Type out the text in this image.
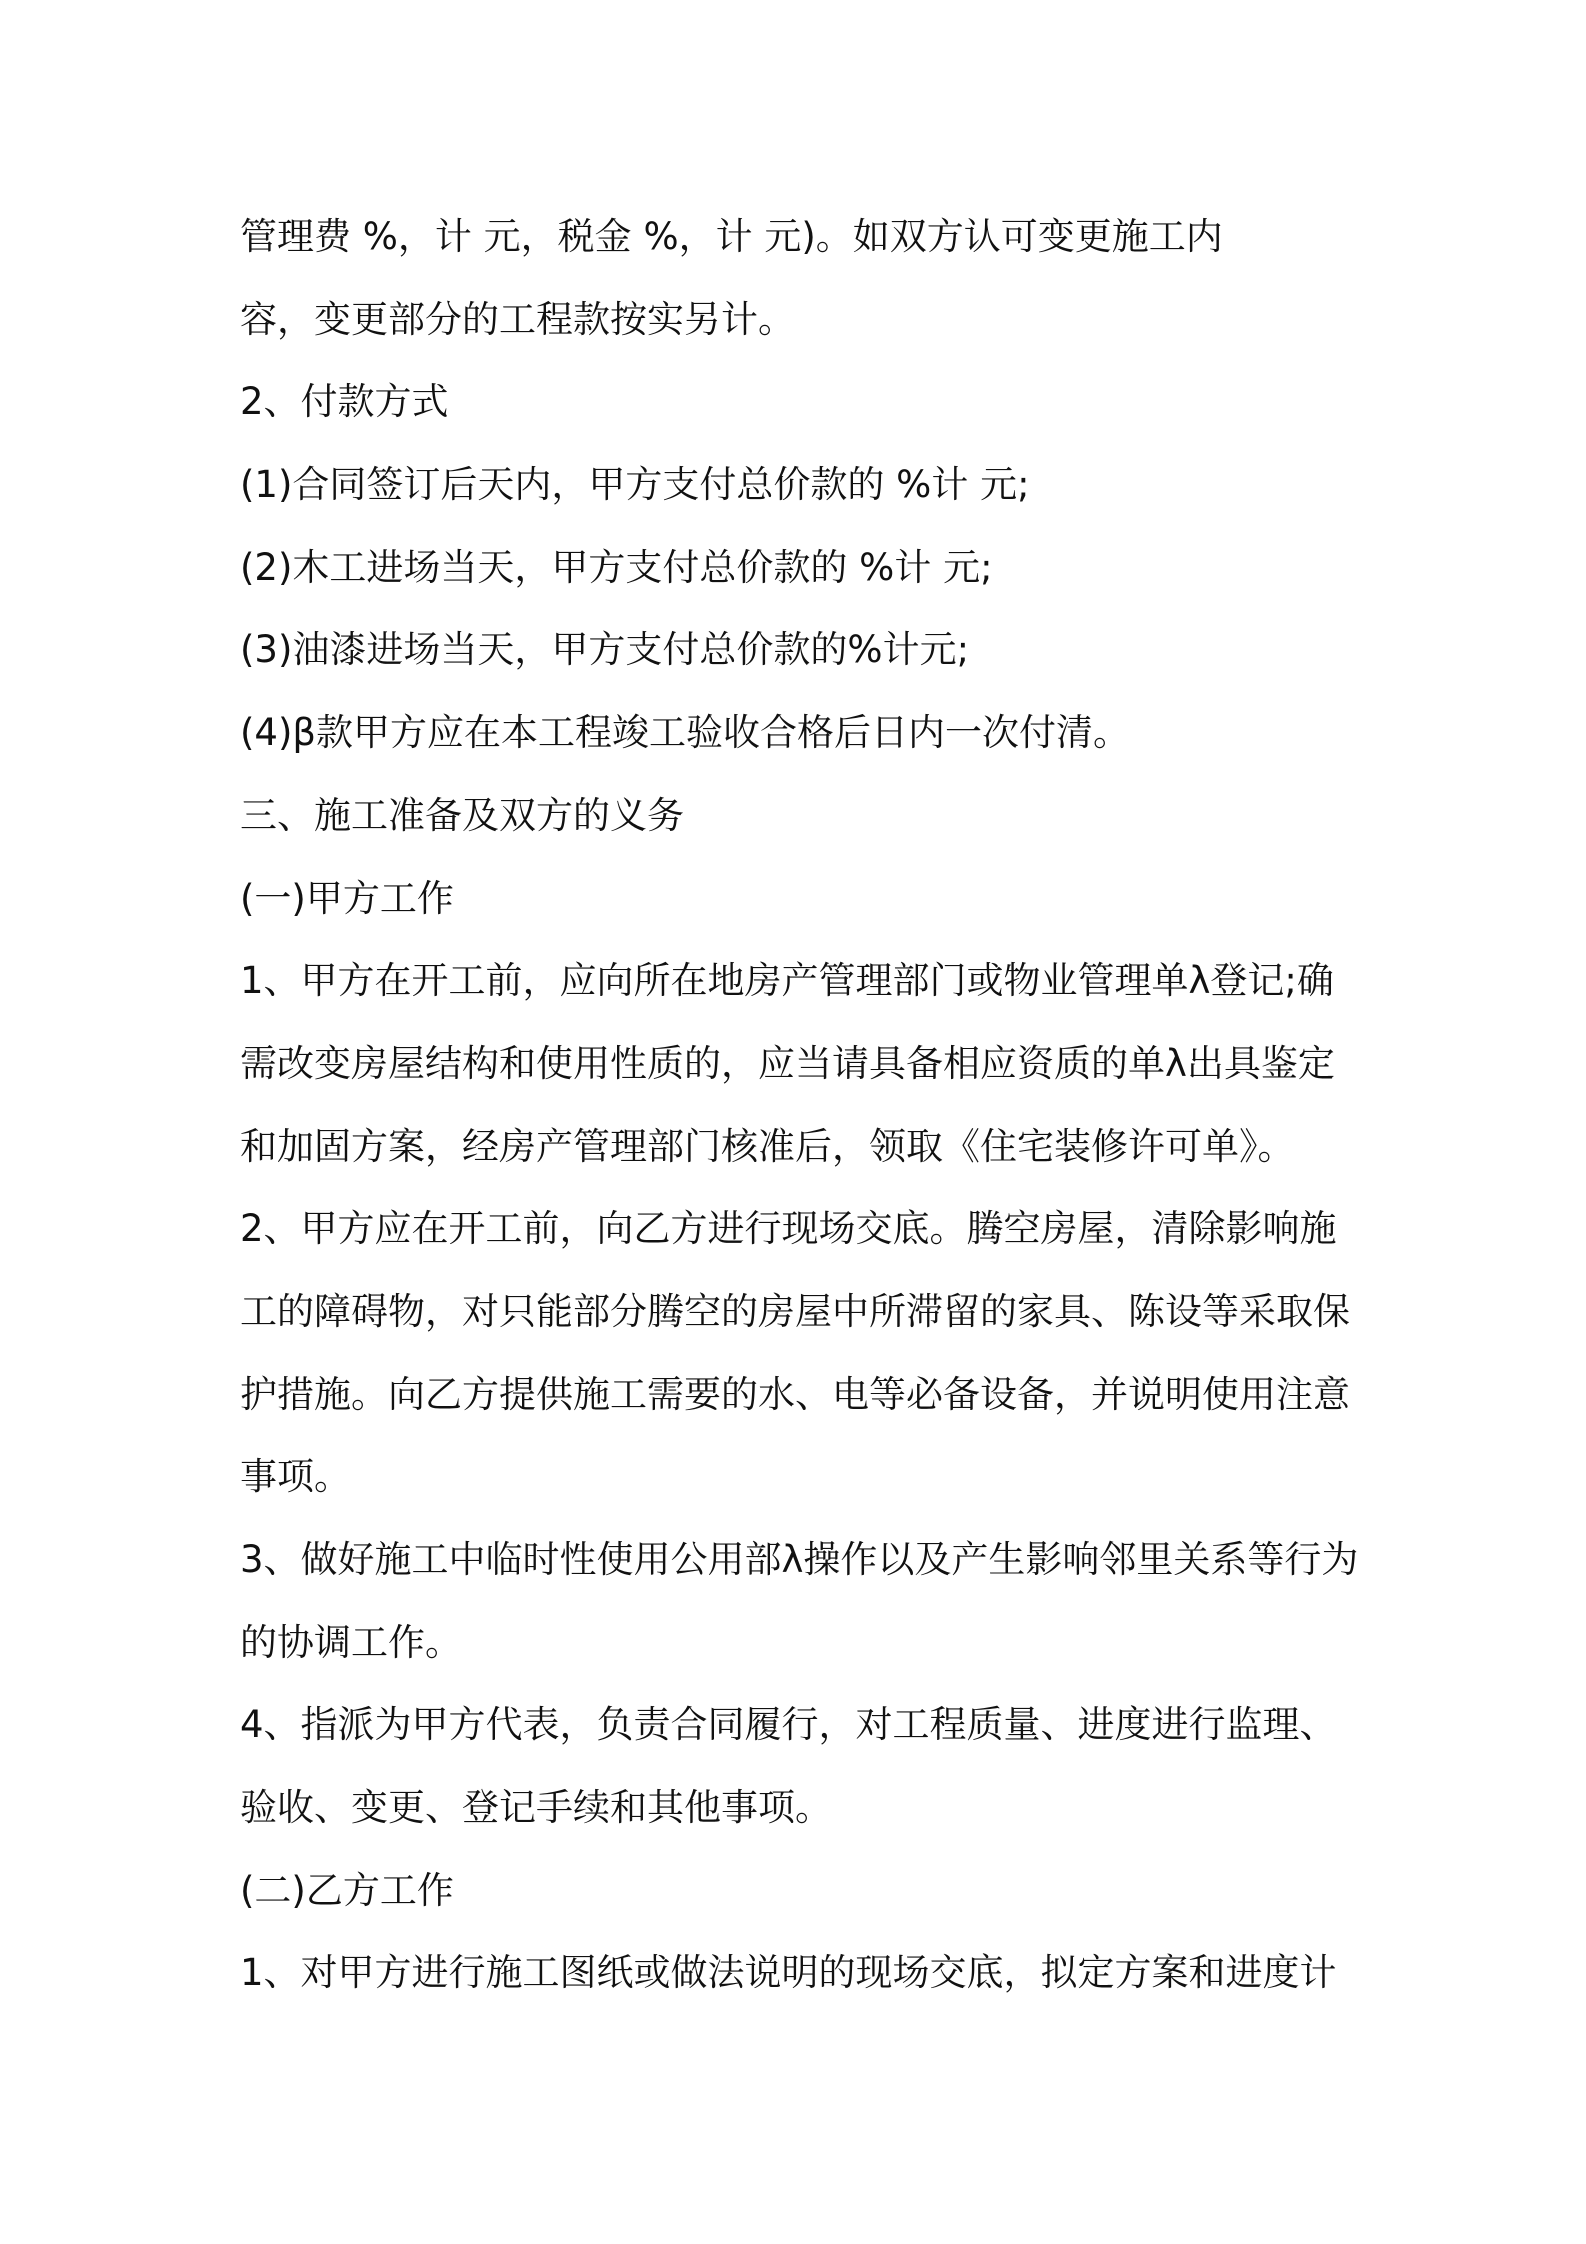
管理费 %，计 元，税金 %，计 元)。如双方认可变更施工内
容，变更部分的工程款按实另计。
2、付款方式
(1)合同签订后天内，甲方支付总价款的 %计 元;
(2)木工进场当天，甲方支付总价款的 %计 元;
(3)油漆进场当天，甲方支付总价款的%计元;
(4)β款甲方应在本工程竣工验收合格后日内一次付清。
三、施工准备及双方的义务
(一)甲方工作
1、甲方在开工前，应向所在地房产管理部门或物业管理单λ登记;确
需改变房屋结构和使用性质的，应当请具备相应资质的单λ出具鉴定
和加固方案，经房产管理部门核准后，领取《住宅装修许可单》。
2、甲方应在开工前，向乙方进行现场交底。腾空房屋，清除影响施
工的障碍物，对只能部分腾空的房屋中所滞留的家具、陈设等采取保
护措施。向乙方提供施工需要的水、电等必备设备，并说明使用注意
事项。
3、做好施工中临时性使用公用部λ操作以及产生影响邻里关系等行为
的协调工作。
4、指派为甲方代表，负责合同履行，对工程质量、进度进行监理、
验收、变更、登记手续和其他事项。
(二)乙方工作
1、对甲方进行施工图纸或做法说明的现场交底，拟定方案和进度计
